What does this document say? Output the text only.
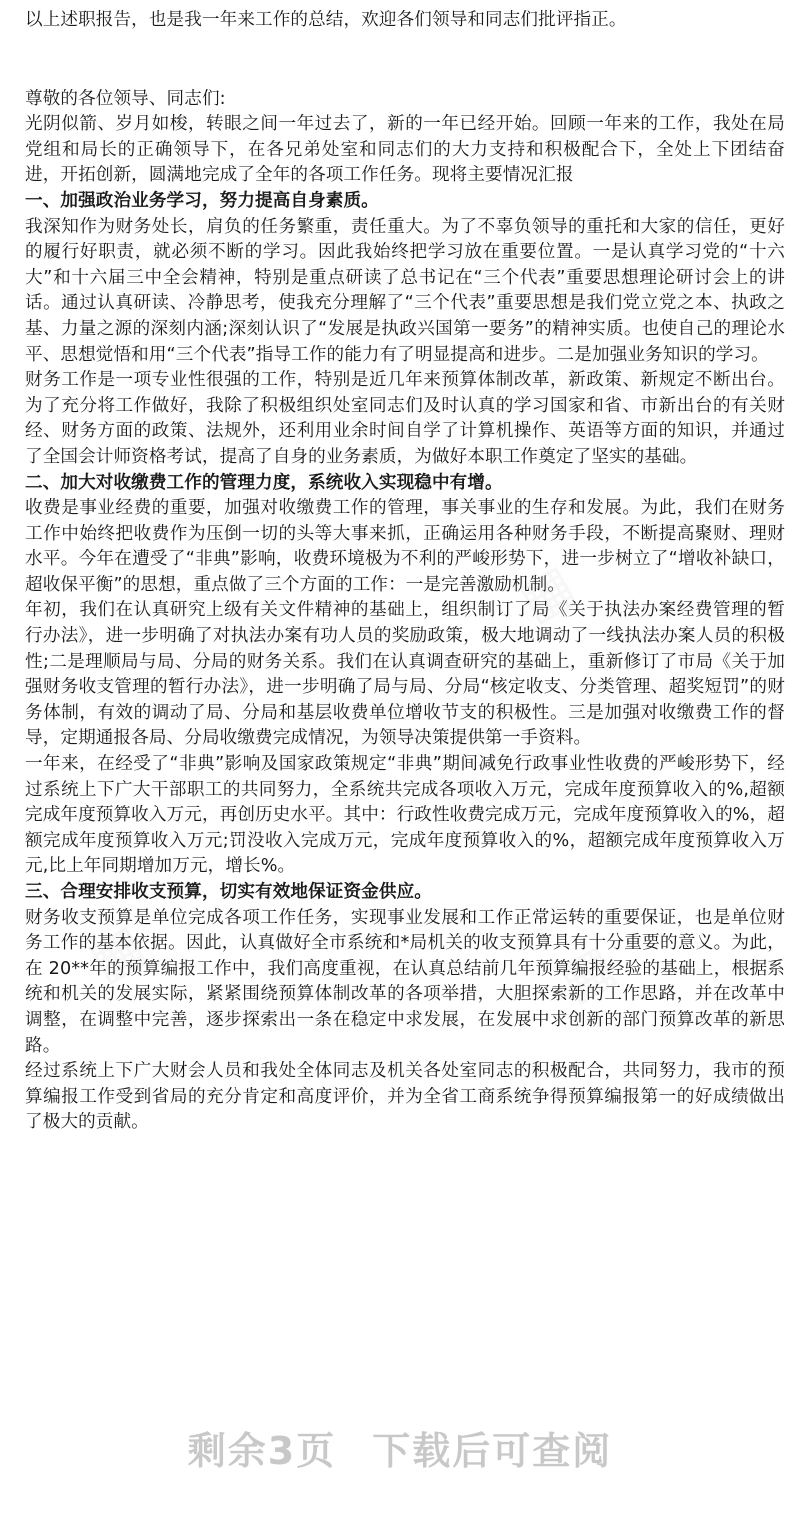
▦
▦	▦

以上述职报告，也是我一年来工作的总结，欢迎各们领导和同志们批评指正。

尊敬的各位领导、同志们:

光阴似箭、岁月如梭，转眼之间一年过去了，新的一年已经开始。回顾一年来的工作，我处在局党组和局长的正确领导下，在各兄弟处室和同志们的大力支持和积极配合下，全处上下团结奋进，开拓创新，圆满地完成了全年的各项工作任务。现将主要情况汇报

一、加强政治业务学习，努力提高自身素质。

我深知作为财务处长，肩负的任务繁重，责任重大。为了不辜负领导的重托和大家的信任，更好的履行好职责，就必须不断的学习。因此我始终把学习放在重要位置。一是认真学习党的“十六大”和十六届三中全会精神，特别是重点研读了总书记在“三个代表”重要思想理论研讨会上的讲话。通过认真研读、冷静思考，使我充分理解了“三个代表”重要思想是我们党立党之本、执政之基、力量之源的深刻内涵;深刻认识了“发展是执政兴国第一要务”的精神实质。也使自己的理论水平、思想觉悟和用“三个代表”指导工作的能力有了明显提高和进步。二是加强业务知识的学习。

财务工作是一项专业性很强的工作，特别是近几年来预算体制改革，新政策、新规定不断出台。为了充分将工作做好，我除了积极组织处室同志们及时认真的学习国家和省、市新出台的有关财经、财务方面的政策、法规外，还利用业余时间自学了计算机操作、英语等方面的知识，并通过了全国会计师资格考试，提高了自身的业务素质，为做好本职工作奠定了坚实的基础。

二、加大对收缴费工作的管理力度，系统收入实现稳中有增。

收费是事业经费的重要，加强对收缴费工作的管理，事关事业的生存和发展。为此，我们在财务工作中始终把收费作为压倒一切的头等大事来抓，正确运用各种财务手段，不断提高聚财、理财水平。今年在遭受了“非典”影响，收费环境极为不利的严峻形势下，进一步树立了“增收补缺口，超收保平衡”的思想，重点做了三个方面的工作：一是完善激励机制。

年初，我们在认真研究上级有关文件精神的基础上，组织制订了局《关于执法办案经费管理的暂行办法》，进一步明确了对执法办案有功人员的奖励政策，极大地调动了一线执法办案人员的积极性;二是理顺局与局、分局的财务关系。我们在认真调查研究的基础上，重新修订了市局《关于加强财务收支管理的暂行办法》，进一步明确了局与局、分局“核定收支、分类管理、超奖短罚”的财务体制，有效的调动了局、分局和基层收费单位增收节支的积极性。三是加强对收缴费工作的督导，定期通报各局、分局收缴费完成情况，为领导决策提供第一手资料。

一年来，在经受了“非典”影响及国家政策规定“非典”期间减免行政事业性收费的严峻形势下，经过系统上下广大干部职工的共同努力，全系统共完成各项收入万元，完成年度预算收入的%,超额完成年度预算收入万元，再创历史水平。其中：行政性收费完成万元，完成年度预算收入的%，超额完成年度预算收入万元;罚没收入完成万元，完成年度预算收入的%，超额完成年度预算收入万元,比上年同期增加万元，增长%。

三、合理安排收支预算，切实有效地保证资金供应。

财务收支预算是单位完成各项工作任务，实现事业发展和工作正常运转的重要保证，也是单位财务工作的基本依据。因此，认真做好全市系统和*局机关的收支预算具有十分重要的意义。为此，在 20**年的预算编报工作中，我们高度重视，在认真总结前几年预算编报经验的基础上，根据系统和机关的发展实际，紧紧围绕预算体制改革的各项举措，大胆探索新的工作思路，并在改革中调整，在调整中完善，逐步探索出一条在稳定中求发展，在发展中求创新的部门预算改革的新思路。

经过系统上下广大财会人员和我处全体同志及机关各处室同志的积极配合，共同努力，我市的预算编报工作受到省局的充分肯定和高度评价，并为全省工商系统争得预算编报第一的好成绩做出了极大的贡献。

剩余3页 下载后可查阅
